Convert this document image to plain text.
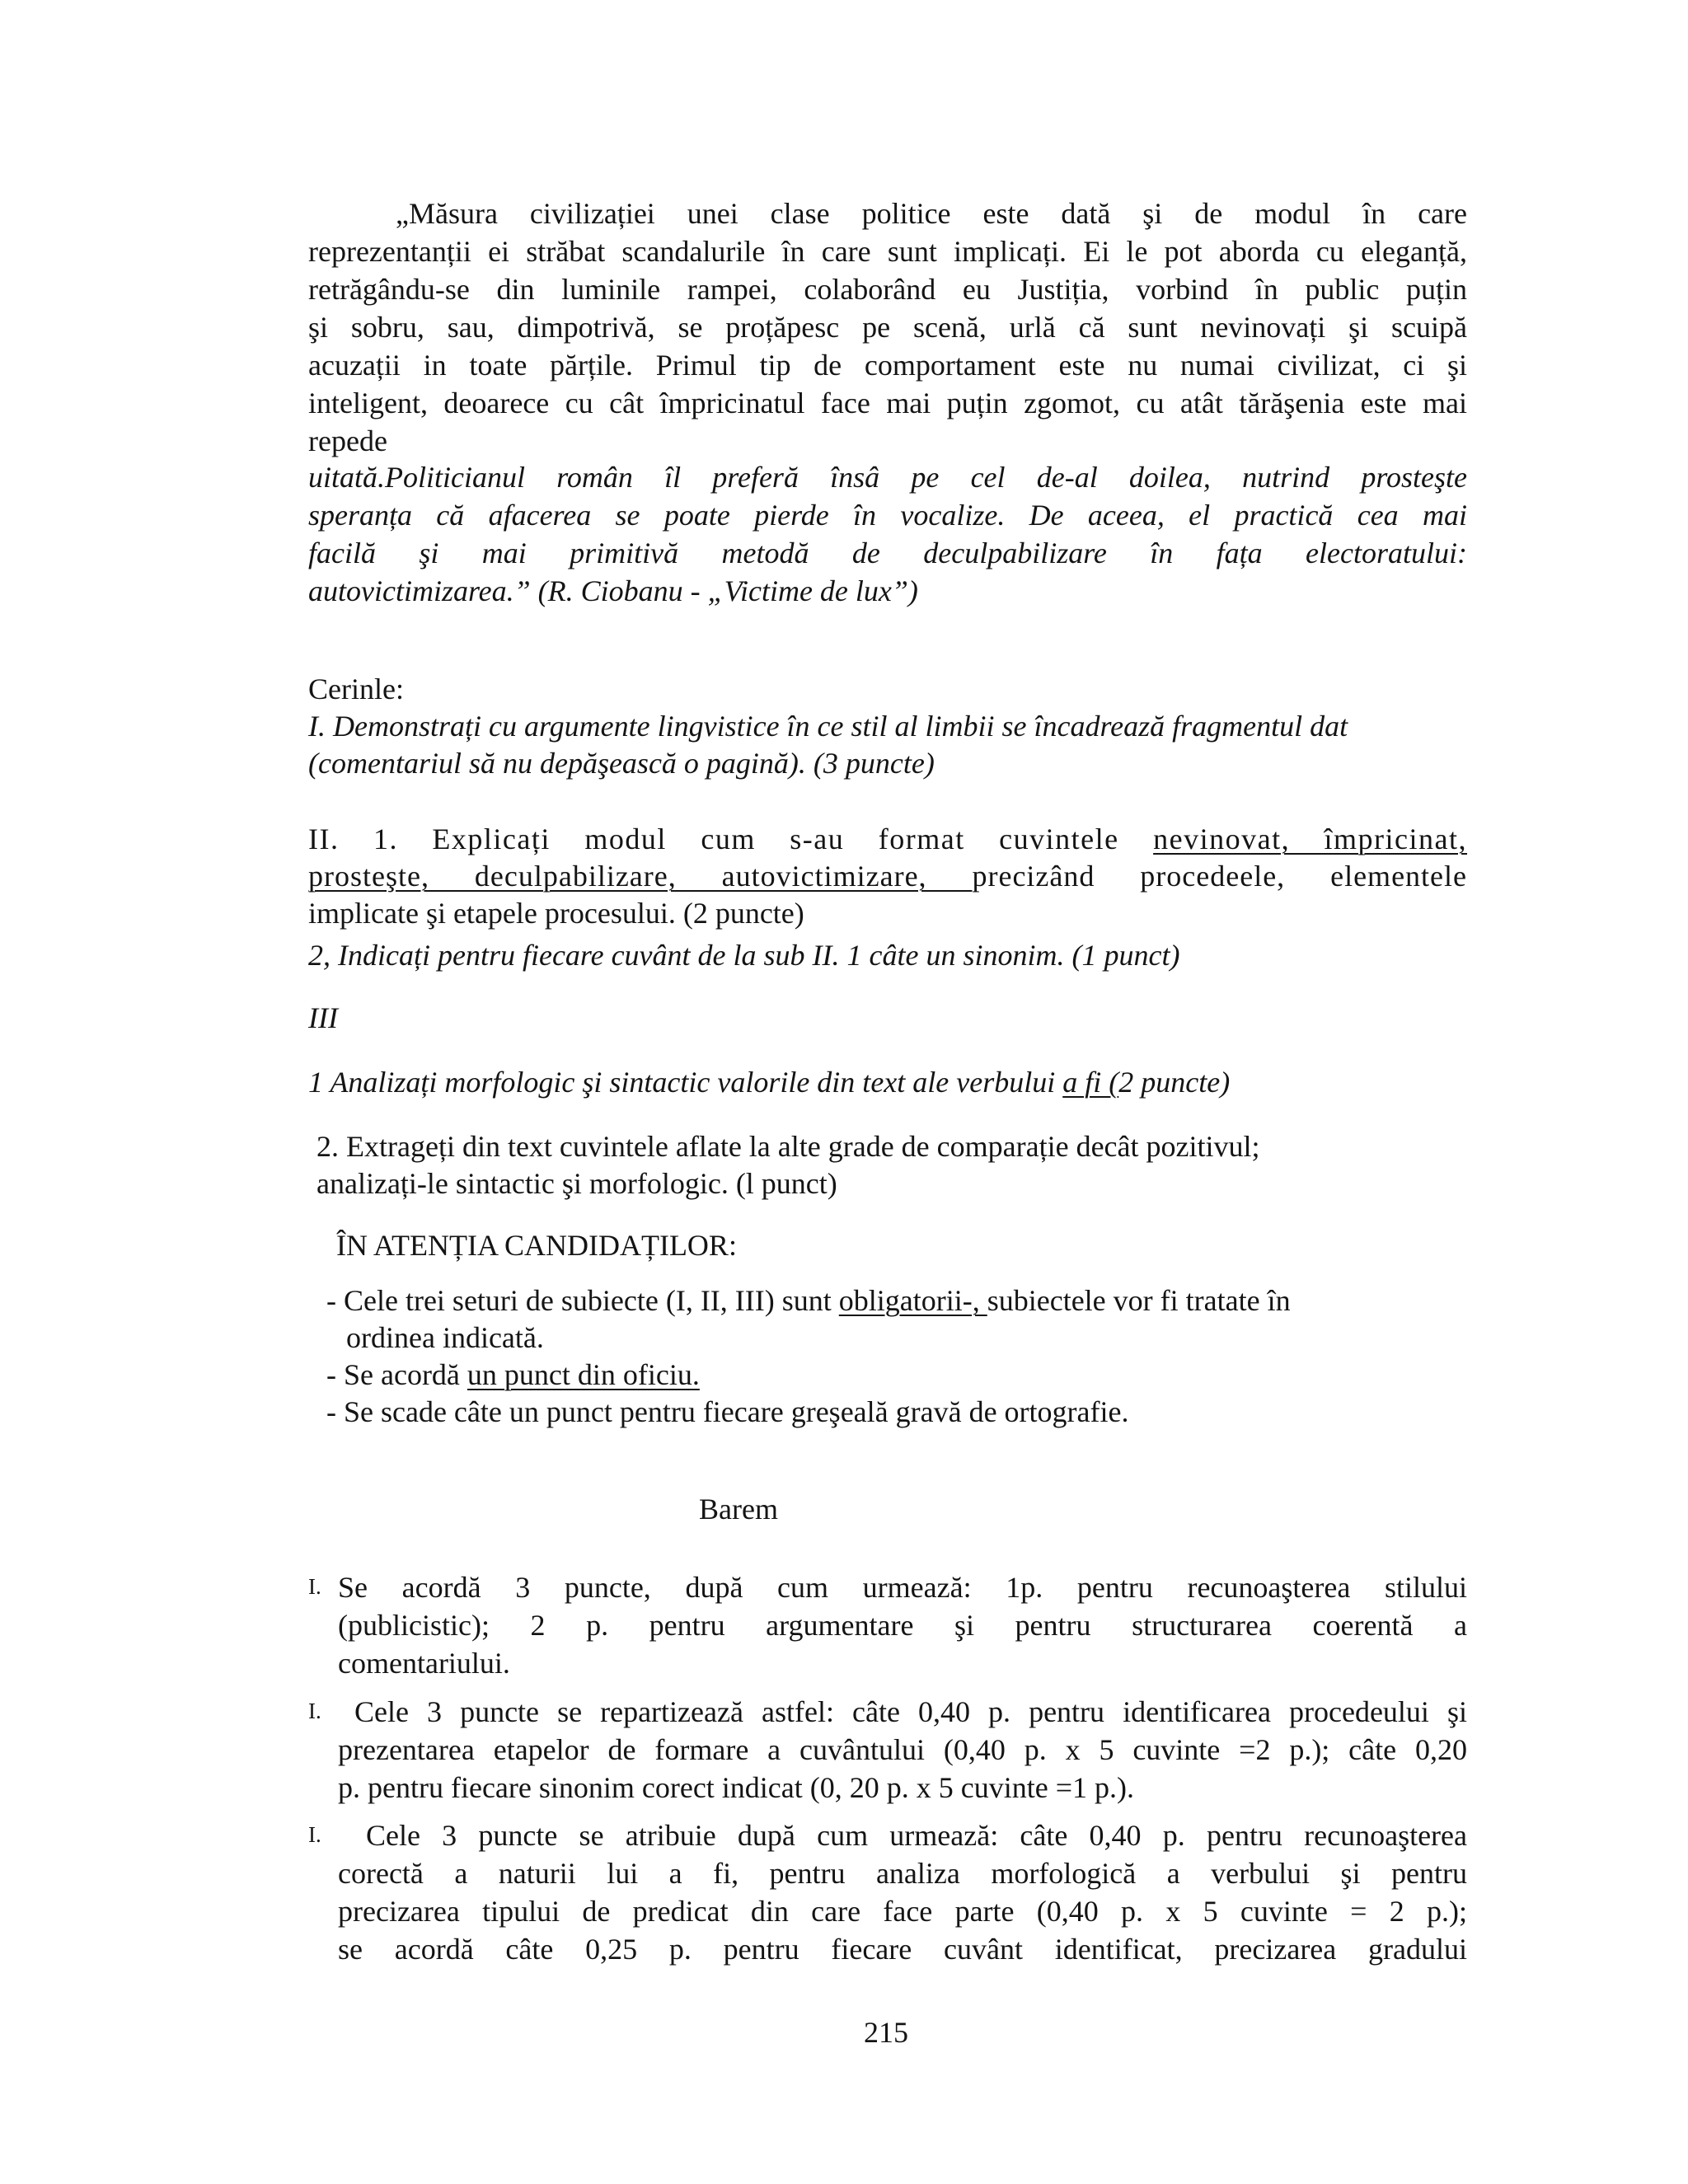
„Măsura civilizației unei clase politice este dată şi de modul în care

reprezentanții ei străbat scandalurile în care sunt implicați. Ei le pot aborda cu eleganță,

retrăgându-se din luminile rampei, colaborând eu Justiția, vorbind în public puțin

şi sobru, sau, dimpotrivă, se proțăpesc pe scenă, urlă că sunt nevinovați şi scuipă

acuzații in toate părțile. Primul tip de comportament este nu numai civilizat, ci şi

inteligent, deoarece cu cât împricinatul face mai puțin zgomot, cu atât tărăşenia este mai

repede

uitată.Politicianul român îl preferă însâ pe cel de-al doilea, nutrind prosteşte

speranța că afacerea se poate pierde în vocalize. De aceea, el practică cea mai

facilă şi mai primitivă metodă de deculpabilizare în fața electoratului:

autovictimizarea.” (R. Ciobanu - „Victime de lux”)

Cerinle:

I. Demonstrați cu argumente lingvistice în ce stil al limbii se încadrează fragmentul dat

(comentariul să nu depăşească o pagină). (3 puncte)

II. 1. Explicați modul cum s-au format cuvintele nevinovat, împricinat,

prosteşte, deculpabilizare, autovictimizare, precizând procedeele, elementele

implicate şi etapele procesului. (2 puncte)

2, Indicați pentru fiecare cuvânt de la sub II. 1 câte un sinonim. (1 punct)

III

1 Analizați morfologic şi sintactic valorile din text ale verbului a fi (2 puncte)

2. Extrageți din text cuvintele aflate la alte grade de comparație decât pozitivul;

analizați-le sintactic şi morfologic. (l punct)

ÎN ATENȚIA CANDIDAȚILOR:

- Cele trei seturi de subiecte (I, II, III) sunt obligatorii-, subiectele vor fi tratate în

ordinea indicată.

- Se acordă un punct din oficiu.

- Se scade câte un punct pentru fiecare greşeală gravă de ortografie.

Barem

I. Se acordă 3 puncte, după cum urmează: 1p. pentru recunoaşterea stilului

(publicistic); 2 p. pentru argumentare şi pentru structurarea coerentă a

comentariului.

I. Cele 3 puncte se repartizează astfel: câte 0,40 p. pentru identificarea procedeului şi

prezentarea etapelor de formare a cuvântului (0,40 p. x 5 cuvinte =2 p.); câte 0,20

p. pentru fiecare sinonim corect indicat (0, 20 p. x 5 cuvinte =1 p.).

I. Cele 3 puncte se atribuie după cum urmează: câte 0,40 p. pentru recunoaşterea

corectă a naturii lui a fi, pentru analiza morfologică a verbului şi pentru

precizarea tipului de predicat din care face parte (0,40 p. x 5 cuvinte = 2 p.);

se acordă câte 0,25 p. pentru fiecare cuvânt identificat, precizarea gradului

215
